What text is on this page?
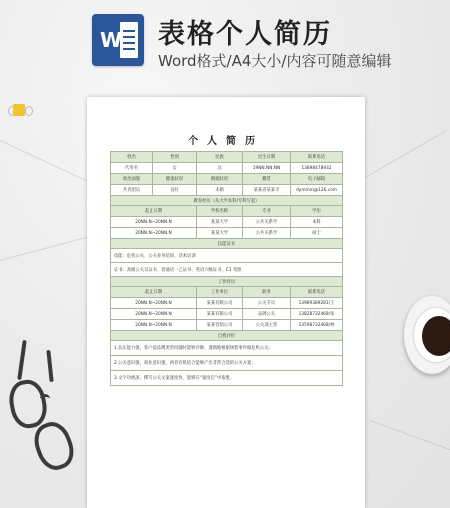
W 表格个人简历
Word格式/A4大小/内容可随意编辑
个人简历
姓名	性别	民族	出生日期	联系电话
代用名	女	汉	19NN.NN.NN	13898478932
政治面貌	健康状况	婚姻状况	籍贯	电子邮箱
共青团员	良好	未婚	某某省某某市	dymmm@126.com
教育经历（从大学本科/专科写起）				
起止日期		学校名称	专业	学历
20NN.N~20NN.N		某某大学	公共关系学	本科
20NN.N~20NN.N		某某大学	公共关系学	硕士
技能证书				
技能：危机公关、公关业务培训、话术培训				
证书：高级公关员证书、普通话一乙证书、英语六级证书、C1 驾照				
工作经历				
起止日期		工作单位	职务	联系电话
20NN.N~20NN.N		某某有限公司	公关专员	13989389281/王
20NN.N~20NN.N		某某有限公司	品牌公关	13828732468/张
20NN.N~20NN.N		某某营销公司	公关部主管	13598732468/林
自我评价				
1.抗压能力强，客户提品牌类型问题时能够冷静、谨慎地根据规程事件做危机公关；				
2.公关意识强，商业意识强，两者有机结合能够产出非常合适的公关方案；				
3.文字功底深，撰写公关文案速度快，能够在“速度启”中取胜。				
